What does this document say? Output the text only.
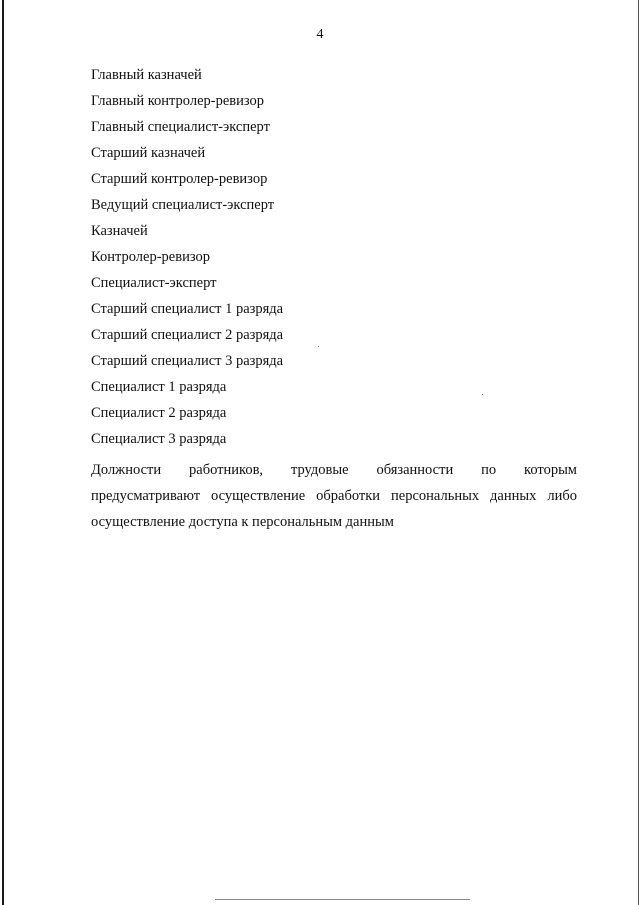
4
Главный казначей
Главный контролер-ревизор
Главный специалист-эксперт
Старший казначей
Старший контролер-ревизор
Ведущий специалист-эксперт
Казначей
Контролер-ревизор
Специалист-эксперт
Старший специалист 1 разряда
Старший специалист 2 разряда
Старший специалист 3 разряда
Специалист 1 разряда
Специалист 2 разряда
Специалист 3 разряда
Должности работников, трудовые обязанности по которым
предусматривают осуществление обработки персональных данных либо осуществление доступа к персональным данным
